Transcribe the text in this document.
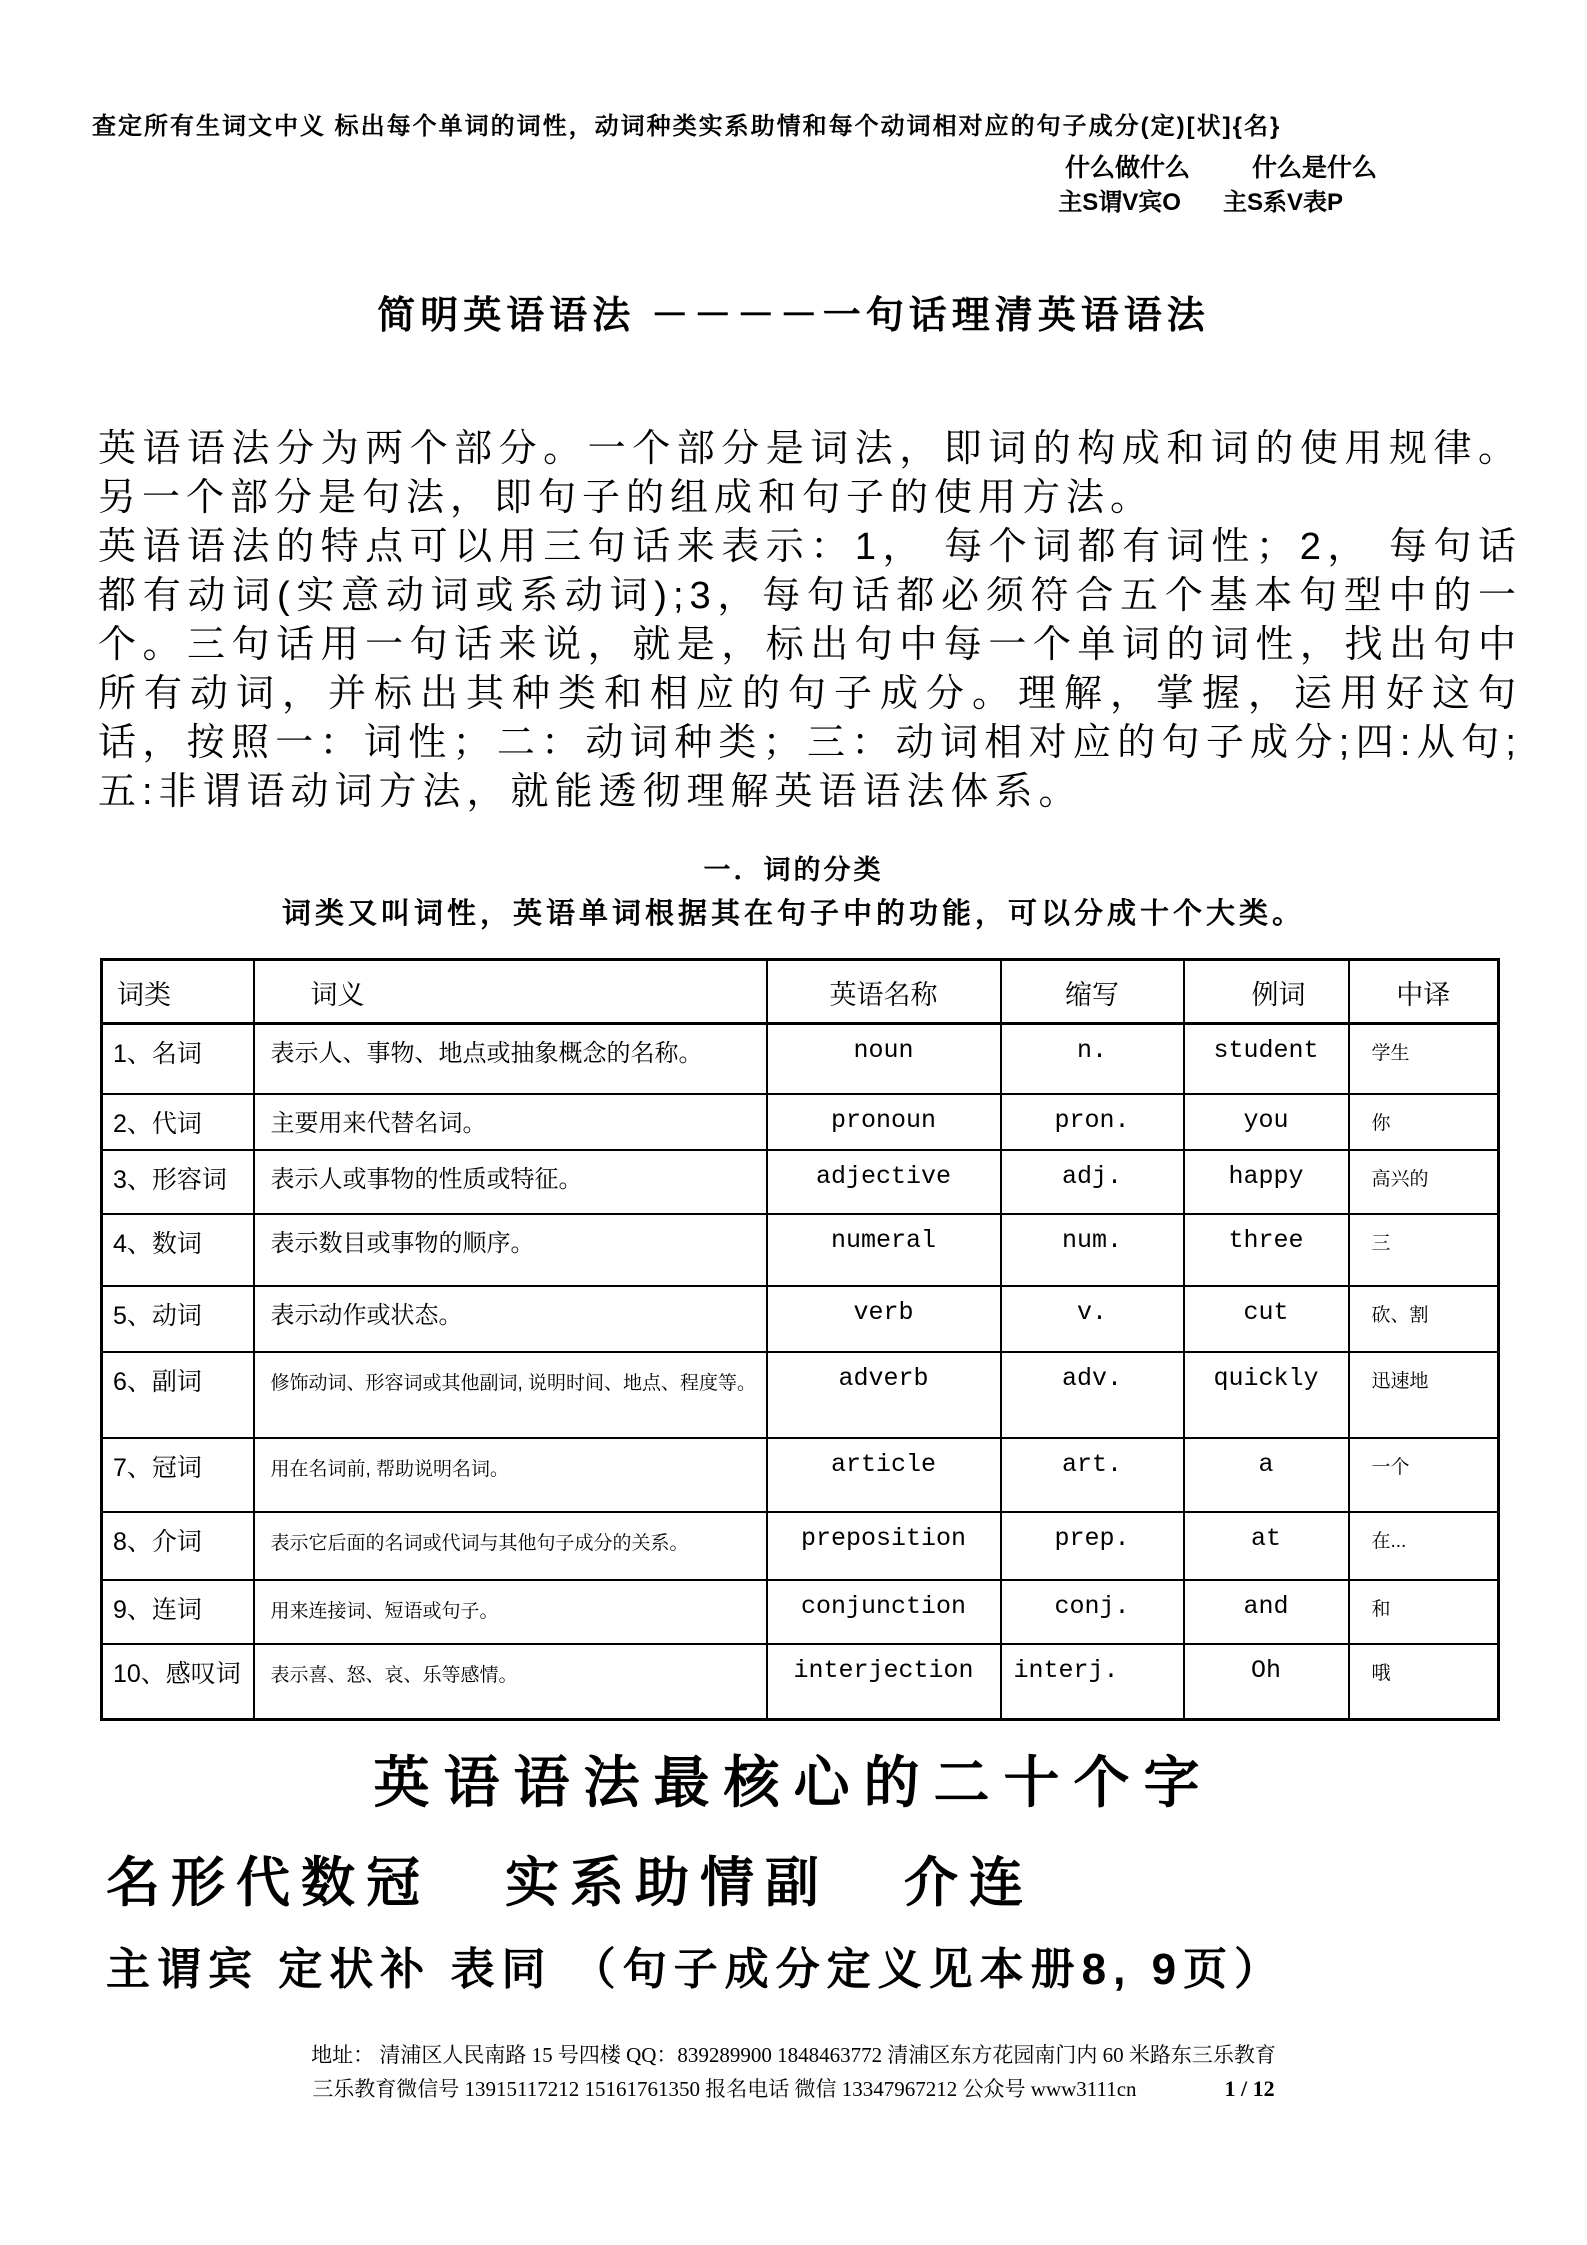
查定所有生词文中义 标出每个单词的词性，动词种类实系助情和每个动词相对应的句子成分(定)[状]{名}
什么做什么 什么是什么
主S谓V宾O 主S系V表P
简明英语语法 －－－－一句话理清英语语法

英语语法分为两个部分。一个部分是词法，即词的构成和词的使用规律。另一个部分是句法，即句子的组成和句子的使用方法。

英语语法的特点可以用三句话来表示：1， 每个词都有词性；2， 每句话都有动词(实意动词或系动词);3，每句话都必须符合五个基本句型中的一个。三句话用一句话来说，就是，标出句中每一个单词的词性，找出句中所有动词，并标出其种类和相应的句子成分。理解，掌握，运用好这句话，按照一：词性；二：动词种类；三：动词相对应的句子成分;四:从句;五:非谓语动词方法，就能透彻理解英语语法体系。

一．词的分类
词类又叫词性，英语单词根据其在句子中的功能，可以分成十个大类。
词类	词义	英语名称	缩写	例词	中译
1、名词	表示人、事物、地点或抽象概念的名称。	noun	n.	student	学生
2、代词	主要用来代替名词。	pronoun	pron.	you	你
3、形容词	表示人或事物的性质或特征。	adjective	adj.	happy	高兴的
4、数词	表示数目或事物的顺序。	numeral	num.	three	三
5、动词	表示动作或状态。	verb	v.	cut	砍、割
6、副词	修饰动词、形容词或其他副词, 说明时间、地点、程度等。	adverb	adv.	quickly	迅速地
7、冠词	用在名词前, 帮助说明名词。	article	art.	a	一个
8、介词	表示它后面的名词或代词与其他句子成分的关系。	preposition	prep.	at	在...
9、连词	用来连接词、短语或句子。	conjunction	conj.	and	和
10、感叹词	表示喜、怒、哀、乐等感情。	interjection	interj.	Oh	哦
英语语法最核心的二十个字
名形代数冠 实系助情副 介连
主谓宾 定状补 表同 （句子成分定义见本册8, 9页）
地址： 清浦区人民南路 15 号四楼 QQ：839289900 1848463772 清浦区东方花园南门内 60 米路东三乐教育
三乐教育微信号 13915117212 15161761350 报名电话 微信 13347967212 公众号 www3111cn	1 / 12
